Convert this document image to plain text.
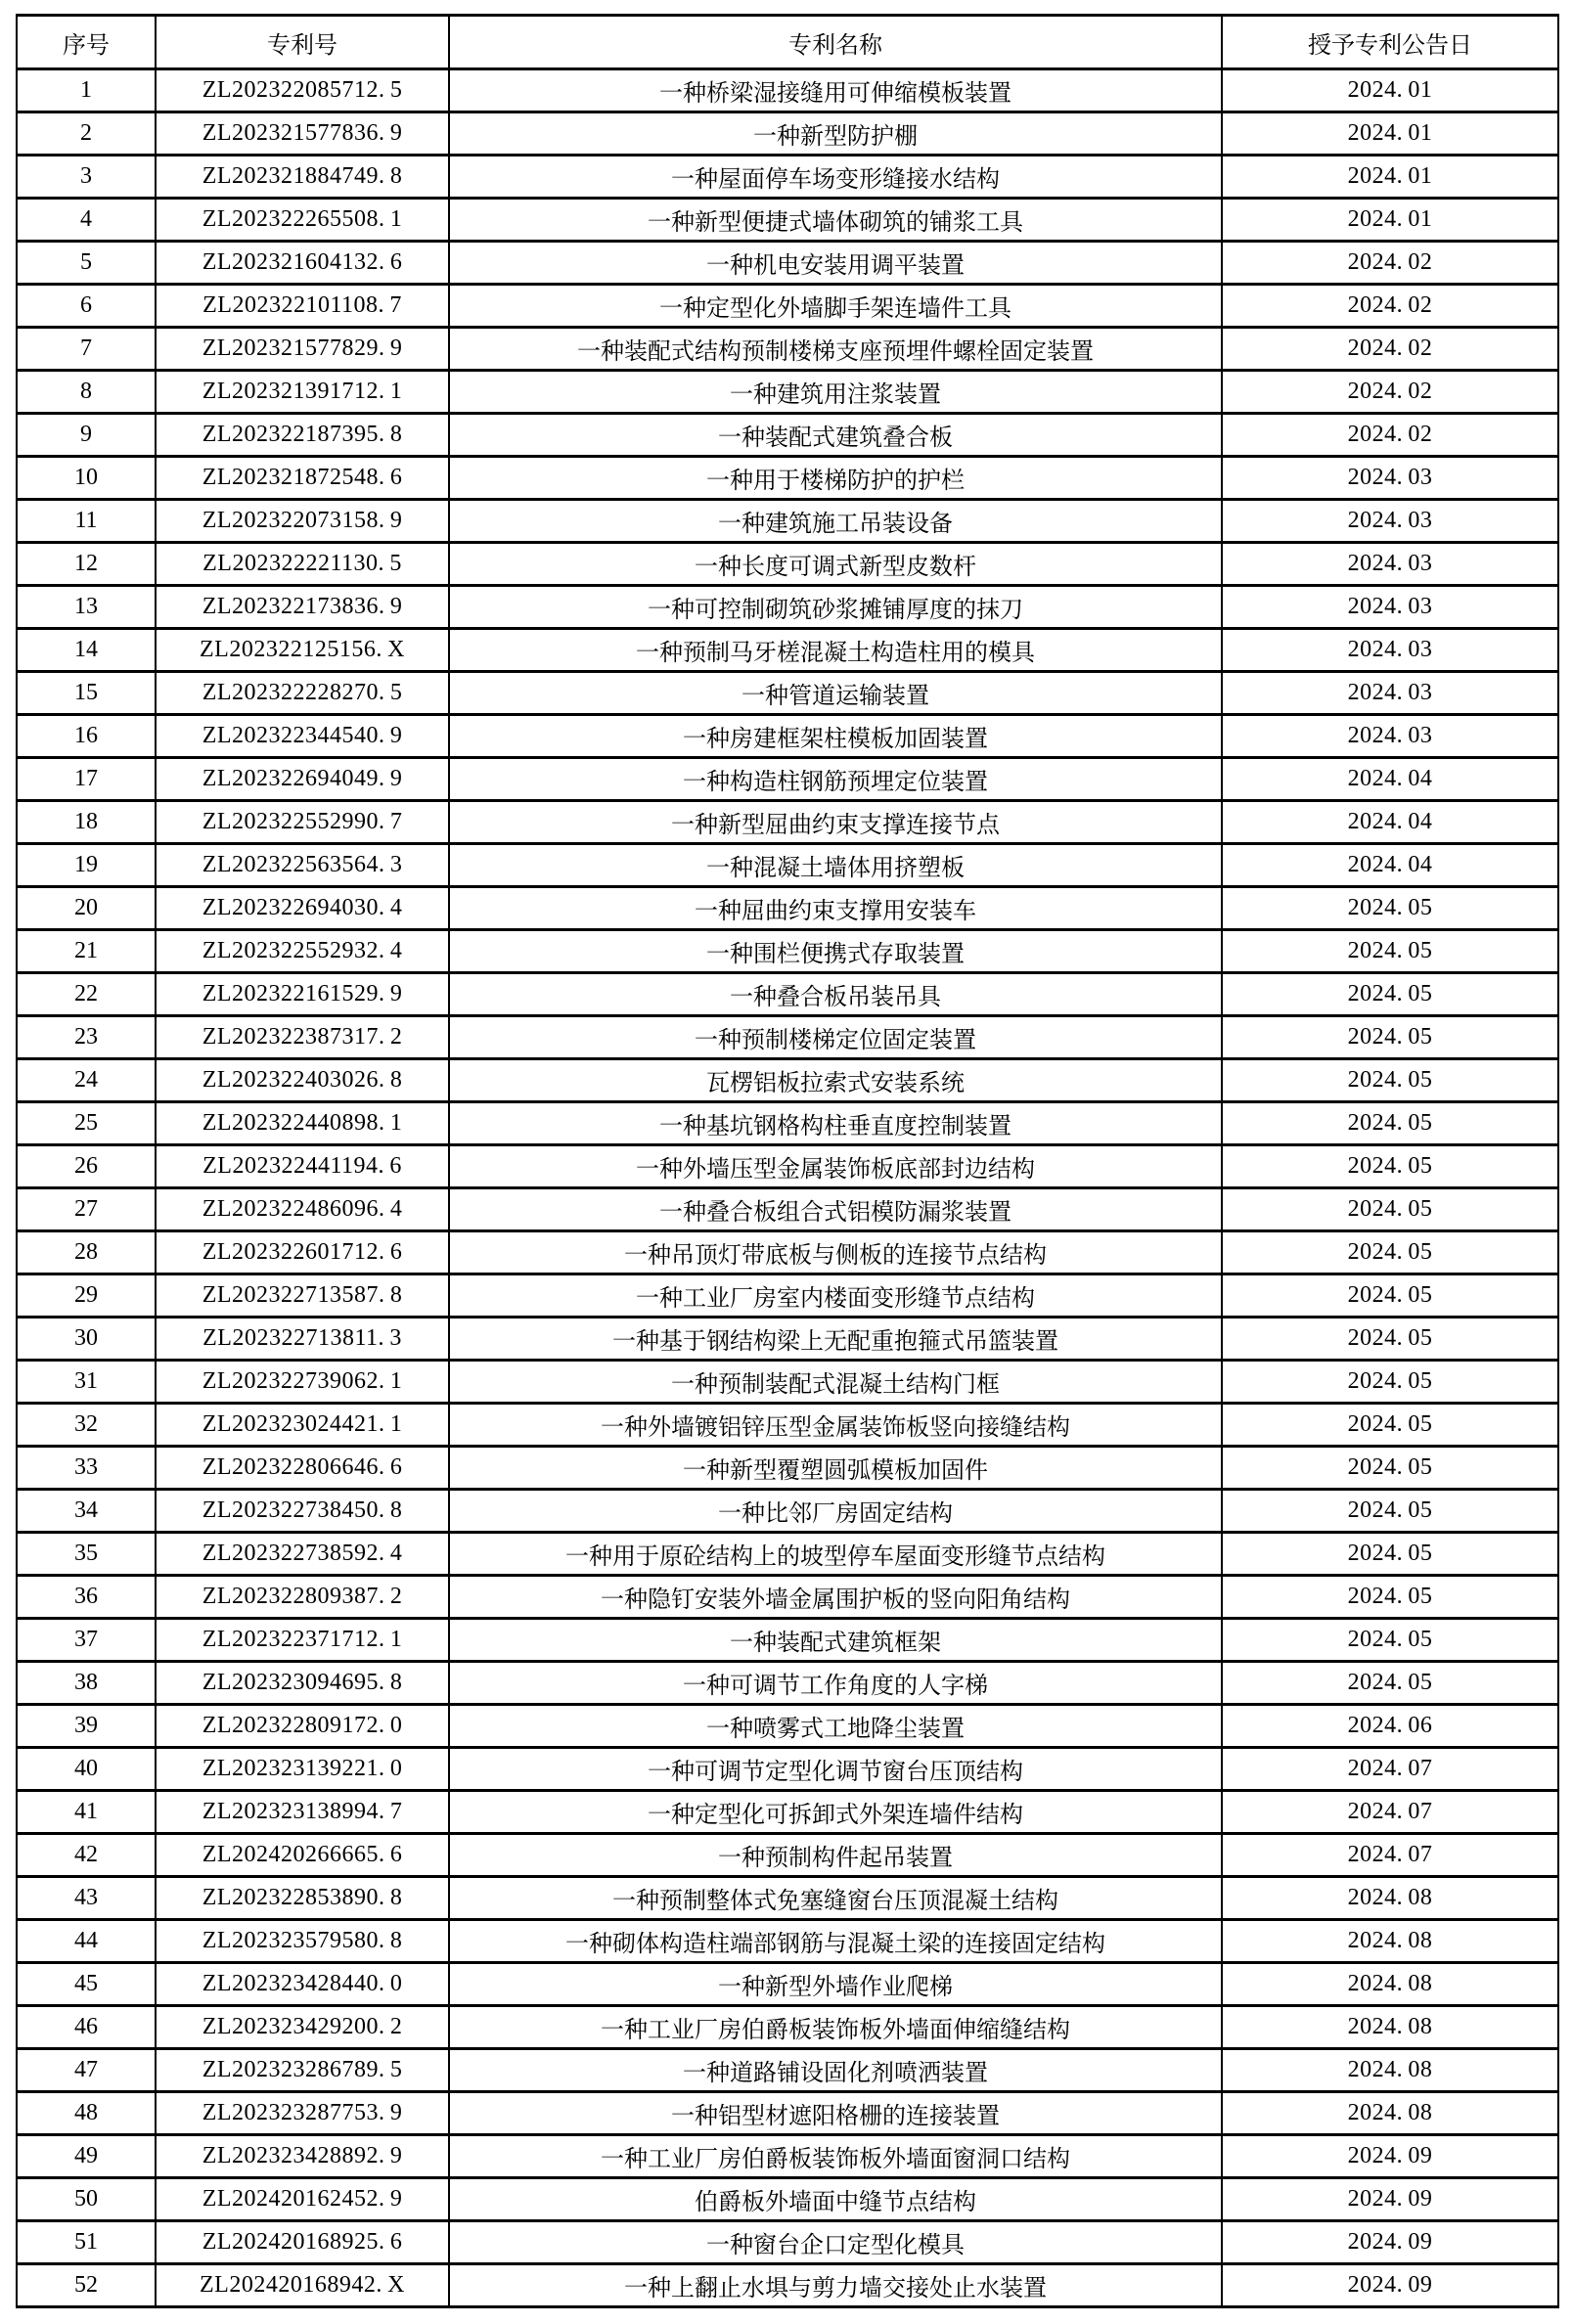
序号	专利号	专利名称	授予专利公告日
1	ZL202322085712. 5	一种桥梁湿接缝用可伸缩模板装置	2024. 01
2	ZL202321577836. 9	一种新型防护棚	2024. 01
3	ZL202321884749. 8	一种屋面停车场变形缝接水结构	2024. 01
4	ZL202322265508. 1	一种新型便捷式墙体砌筑的铺浆工具	2024. 01
5	ZL202321604132. 6	一种机电安装用调平装置	2024. 02
6	ZL202322101108. 7	一种定型化外墙脚手架连墙件工具	2024. 02
7	ZL202321577829. 9	一种装配式结构预制楼梯支座预埋件螺栓固定装置	2024. 02
8	ZL202321391712. 1	一种建筑用注浆装置	2024. 02
9	ZL202322187395. 8	一种装配式建筑叠合板	2024. 02
10	ZL202321872548. 6	一种用于楼梯防护的护栏	2024. 03
11	ZL202322073158. 9	一种建筑施工吊装设备	2024. 03
12	ZL202322221130. 5	一种长度可调式新型皮数杆	2024. 03
13	ZL202322173836. 9	一种可控制砌筑砂浆摊铺厚度的抹刀	2024. 03
14	ZL202322125156. X	一种预制马牙槎混凝土构造柱用的模具	2024. 03
15	ZL202322228270. 5	一种管道运输装置	2024. 03
16	ZL202322344540. 9	一种房建框架柱模板加固装置	2024. 03
17	ZL202322694049. 9	一种构造柱钢筋预埋定位装置	2024. 04
18	ZL202322552990. 7	一种新型屈曲约束支撑连接节点	2024. 04
19	ZL202322563564. 3	一种混凝土墙体用挤塑板	2024. 04
20	ZL202322694030. 4	一种屈曲约束支撑用安装车	2024. 05
21	ZL202322552932. 4	一种围栏便携式存取装置	2024. 05
22	ZL202322161529. 9	一种叠合板吊装吊具	2024. 05
23	ZL202322387317. 2	一种预制楼梯定位固定装置	2024. 05
24	ZL202322403026. 8	瓦楞铝板拉索式安装系统	2024. 05
25	ZL202322440898. 1	一种基坑钢格构柱垂直度控制装置	2024. 05
26	ZL202322441194. 6	一种外墙压型金属装饰板底部封边结构	2024. 05
27	ZL202322486096. 4	一种叠合板组合式铝模防漏浆装置	2024. 05
28	ZL202322601712. 6	一种吊顶灯带底板与侧板的连接节点结构	2024. 05
29	ZL202322713587. 8	一种工业厂房室内楼面变形缝节点结构	2024. 05
30	ZL202322713811. 3	一种基于钢结构梁上无配重抱箍式吊篮装置	2024. 05
31	ZL202322739062. 1	一种预制装配式混凝土结构门框	2024. 05
32	ZL202323024421. 1	一种外墙镀铝锌压型金属装饰板竖向接缝结构	2024. 05
33	ZL202322806646. 6	一种新型覆塑圆弧模板加固件	2024. 05
34	ZL202322738450. 8	一种比邻厂房固定结构	2024. 05
35	ZL202322738592. 4	一种用于原砼结构上的坡型停车屋面变形缝节点结构	2024. 05
36	ZL202322809387. 2	一种隐钉安装外墙金属围护板的竖向阳角结构	2024. 05
37	ZL202322371712. 1	一种装配式建筑框架	2024. 05
38	ZL202323094695. 8	一种可调节工作角度的人字梯	2024. 05
39	ZL202322809172. 0	一种喷雾式工地降尘装置	2024. 06
40	ZL202323139221. 0	一种可调节定型化调节窗台压顶结构	2024. 07
41	ZL202323138994. 7	一种定型化可拆卸式外架连墙件结构	2024. 07
42	ZL202420266665. 6	一种预制构件起吊装置	2024. 07
43	ZL202322853890. 8	一种预制整体式免塞缝窗台压顶混凝土结构	2024. 08
44	ZL202323579580. 8	一种砌体构造柱端部钢筋与混凝土梁的连接固定结构	2024. 08
45	ZL202323428440. 0	一种新型外墙作业爬梯	2024. 08
46	ZL202323429200. 2	一种工业厂房伯爵板装饰板外墙面伸缩缝结构	2024. 08
47	ZL202323286789. 5	一种道路铺设固化剂喷洒装置	2024. 08
48	ZL202323287753. 9	一种铝型材遮阳格栅的连接装置	2024. 08
49	ZL202323428892. 9	一种工业厂房伯爵板装饰板外墙面窗洞口结构	2024. 09
50	ZL202420162452. 9	伯爵板外墙面中缝节点结构	2024. 09
51	ZL202420168925. 6	一种窗台企口定型化模具	2024. 09
52	ZL202420168942. X	一种上翻止水埧与剪力墙交接处止水装置	2024. 09
